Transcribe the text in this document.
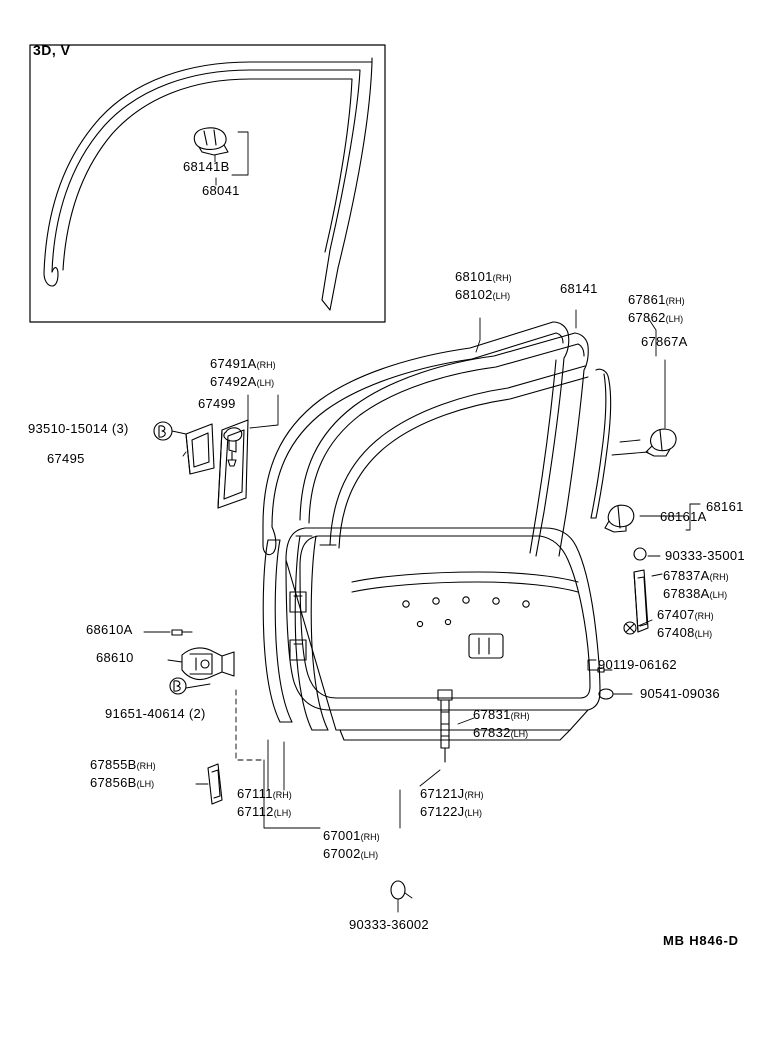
3D, V
68141B
68041
68101(RH)
68102(LH)	68141
67861(RH)
67862(LH)
67867A
67491A(RH)
67492A(LH)
67499
93510-15014 (3)
67495
68161A
68161
90333-35001
67837A(RH)
67838A(LH)
67407(RH)
67408(LH)
90119-06162
90541-09036
68610A
68610
91651-40614 (2)
67855B(RH)
67856B(LH)
67111(RH)
67112(LH)
67121J(RH)
67122J(LH)
67831(RH)
67832(LH)
67001(RH)
67002(LH)
90333-36002
MB H846-D
